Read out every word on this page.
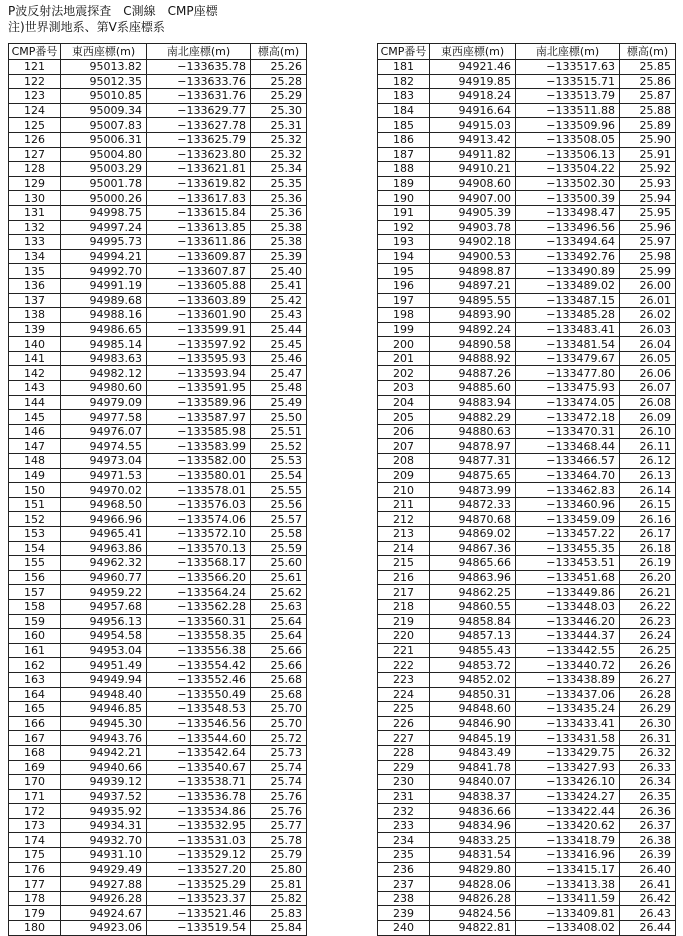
P波反射法地震探査　C測線　CMP座標
注)世界測地系、第Ⅴ系座標系
CMP番号	東西座標(m)	南北座標(m)	標高(m)
121	95013.82	−133635.78	25.26
122	95012.35	−133633.76	25.28
123	95010.85	−133631.76	25.29
124	95009.34	−133629.77	25.30
125	95007.83	−133627.78	25.31
126	95006.31	−133625.79	25.32
127	95004.80	−133623.80	25.32
128	95003.29	−133621.81	25.34
129	95001.78	−133619.82	25.35
130	95000.26	−133617.83	25.36
131	94998.75	−133615.84	25.36
132	94997.24	−133613.85	25.38
133	94995.73	−133611.86	25.38
134	94994.21	−133609.87	25.39
135	94992.70	−133607.87	25.40
136	94991.19	−133605.88	25.41
137	94989.68	−133603.89	25.42
138	94988.16	−133601.90	25.43
139	94986.65	−133599.91	25.44
140	94985.14	−133597.92	25.45
141	94983.63	−133595.93	25.46
142	94982.12	−133593.94	25.47
143	94980.60	−133591.95	25.48
144	94979.09	−133589.96	25.49
145	94977.58	−133587.97	25.50
146	94976.07	−133585.98	25.51
147	94974.55	−133583.99	25.52
148	94973.04	−133582.00	25.53
149	94971.53	−133580.01	25.54
150	94970.02	−133578.01	25.55
151	94968.50	−133576.03	25.56
152	94966.96	−133574.06	25.57
153	94965.41	−133572.10	25.58
154	94963.86	−133570.13	25.59
155	94962.32	−133568.17	25.60
156	94960.77	−133566.20	25.61
157	94959.22	−133564.24	25.62
158	94957.68	−133562.28	25.63
159	94956.13	−133560.31	25.64
160	94954.58	−133558.35	25.64
161	94953.04	−133556.38	25.66
162	94951.49	−133554.42	25.66
163	94949.94	−133552.46	25.68
164	94948.40	−133550.49	25.68
165	94946.85	−133548.53	25.70
166	94945.30	−133546.56	25.70
167	94943.76	−133544.60	25.72
168	94942.21	−133542.64	25.73
169	94940.66	−133540.67	25.74
170	94939.12	−133538.71	25.74
171	94937.52	−133536.78	25.76
172	94935.92	−133534.86	25.76
173	94934.31	−133532.95	25.77
174	94932.70	−133531.03	25.78
175	94931.10	−133529.12	25.79
176	94929.49	−133527.20	25.80
177	94927.88	−133525.29	25.81
178	94926.28	−133523.37	25.82
179	94924.67	−133521.46	25.83
180	94923.06	−133519.54	25.84
CMP番号	東西座標(m)	南北座標(m)	標高(m)
181	94921.46	−133517.63	25.85
182	94919.85	−133515.71	25.86
183	94918.24	−133513.79	25.87
184	94916.64	−133511.88	25.88
185	94915.03	−133509.96	25.89
186	94913.42	−133508.05	25.90
187	94911.82	−133506.13	25.91
188	94910.21	−133504.22	25.92
189	94908.60	−133502.30	25.93
190	94907.00	−133500.39	25.94
191	94905.39	−133498.47	25.95
192	94903.78	−133496.56	25.96
193	94902.18	−133494.64	25.97
194	94900.53	−133492.76	25.98
195	94898.87	−133490.89	25.99
196	94897.21	−133489.02	26.00
197	94895.55	−133487.15	26.01
198	94893.90	−133485.28	26.02
199	94892.24	−133483.41	26.03
200	94890.58	−133481.54	26.04
201	94888.92	−133479.67	26.05
202	94887.26	−133477.80	26.06
203	94885.60	−133475.93	26.07
204	94883.94	−133474.05	26.08
205	94882.29	−133472.18	26.09
206	94880.63	−133470.31	26.10
207	94878.97	−133468.44	26.11
208	94877.31	−133466.57	26.12
209	94875.65	−133464.70	26.13
210	94873.99	−133462.83	26.14
211	94872.33	−133460.96	26.15
212	94870.68	−133459.09	26.16
213	94869.02	−133457.22	26.17
214	94867.36	−133455.35	26.18
215	94865.66	−133453.51	26.19
216	94863.96	−133451.68	26.20
217	94862.25	−133449.86	26.21
218	94860.55	−133448.03	26.22
219	94858.84	−133446.20	26.23
220	94857.13	−133444.37	26.24
221	94855.43	−133442.55	26.25
222	94853.72	−133440.72	26.26
223	94852.02	−133438.89	26.27
224	94850.31	−133437.06	26.28
225	94848.60	−133435.24	26.29
226	94846.90	−133433.41	26.30
227	94845.19	−133431.58	26.31
228	94843.49	−133429.75	26.32
229	94841.78	−133427.93	26.33
230	94840.07	−133426.10	26.34
231	94838.37	−133424.27	26.35
232	94836.66	−133422.44	26.36
233	94834.96	−133420.62	26.37
234	94833.25	−133418.79	26.38
235	94831.54	−133416.96	26.39
236	94829.80	−133415.17	26.40
237	94828.06	−133413.38	26.41
238	94826.28	−133411.59	26.42
239	94824.56	−133409.81	26.43
240	94822.81	−133408.02	26.44
